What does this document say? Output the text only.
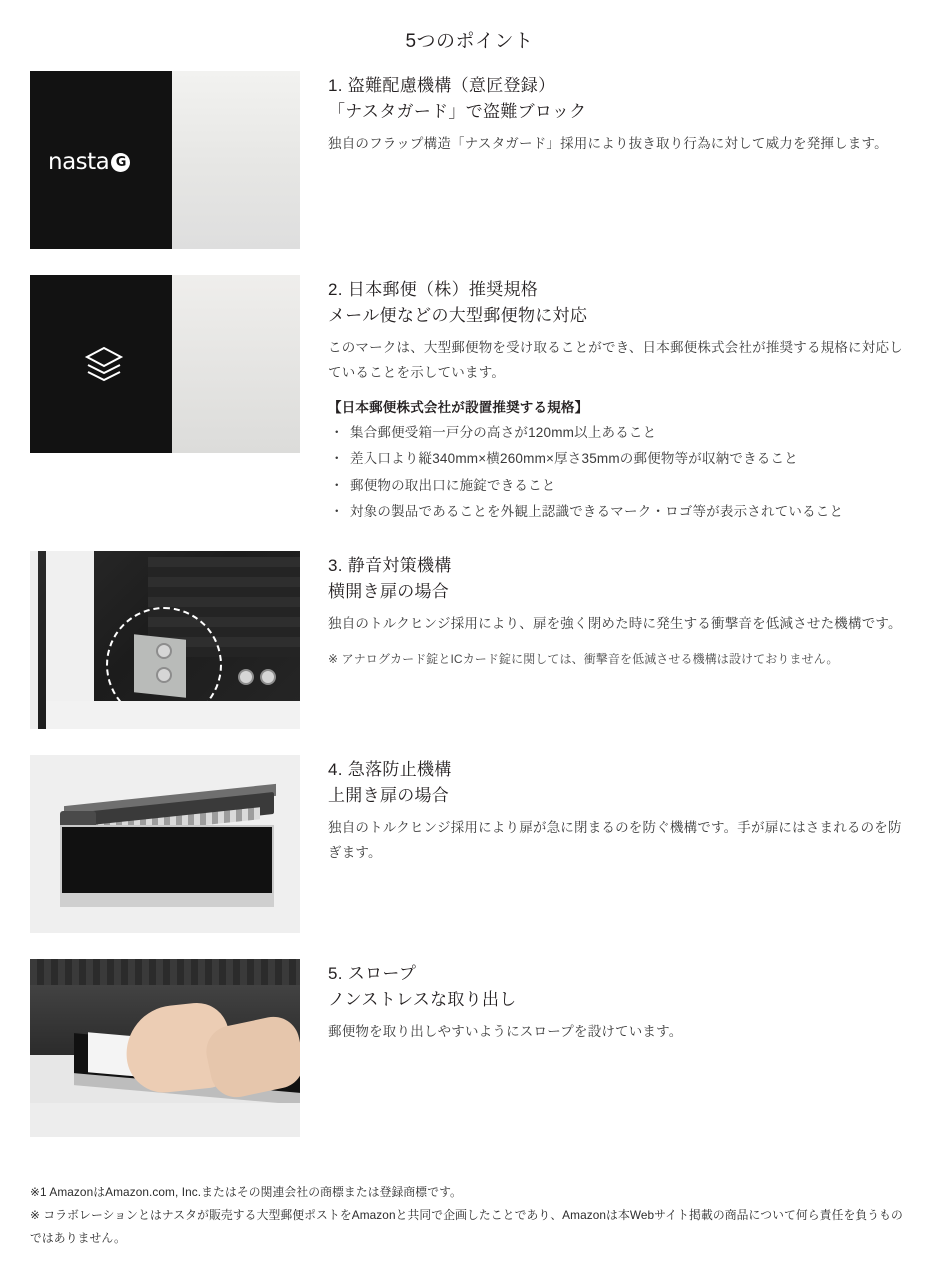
5つのポイント
nasta G
1. 盗難配慮機構（意匠登録）
「ナスタガード」で盗難ブロック

独自のフラップ構造「ナスタガード」採用により抜き取り行為に対して威力を発揮します。

2. 日本郵便（株）推奨規格
メール便などの大型郵便物に対応

このマークは、大型郵便物を受け取ることができ、日本郵便株式会社が推奨する規格に対応していることを示しています。

【日本郵便株式会社が設置推奨する規格】
・ 集合郵便受箱一戸分の高さが120mm以上あること
・ 差入口より縦340mm×横260mm×厚さ35mmの郵便物等が収納できること
・ 郵便物の取出口に施錠できること
・ 対象の製品であることを外観上認識できるマーク・ロゴ等が表示されていること
3. 静音対策機構
横開き扉の場合

独自のトルクヒンジ採用により、扉を強く閉めた時に発生する衝撃音を低減させた機構です。

※ アナログカード錠とICカード錠に関しては、衝撃音を低減させる機構は設けておりません。
4. 急落防止機構
上開き扉の場合

独自のトルクヒンジ採用により扉が急に閉まるのを防ぐ機構です。手が扉にはさまれるのを防ぎます。

5. スロープ
ノンストレスな取り出し

郵便物を取り出しやすいようにスロープを設けています。

※1 AmazonはAmazon.com, Inc.またはその関連会社の商標または登録商標です。
※ コラボレーションとはナスタが販売する大型郵便ポストをAmazonと共同で企画したことであり、Amazonは本Webサイト掲載の商品について何ら責任を負うものではありません。
